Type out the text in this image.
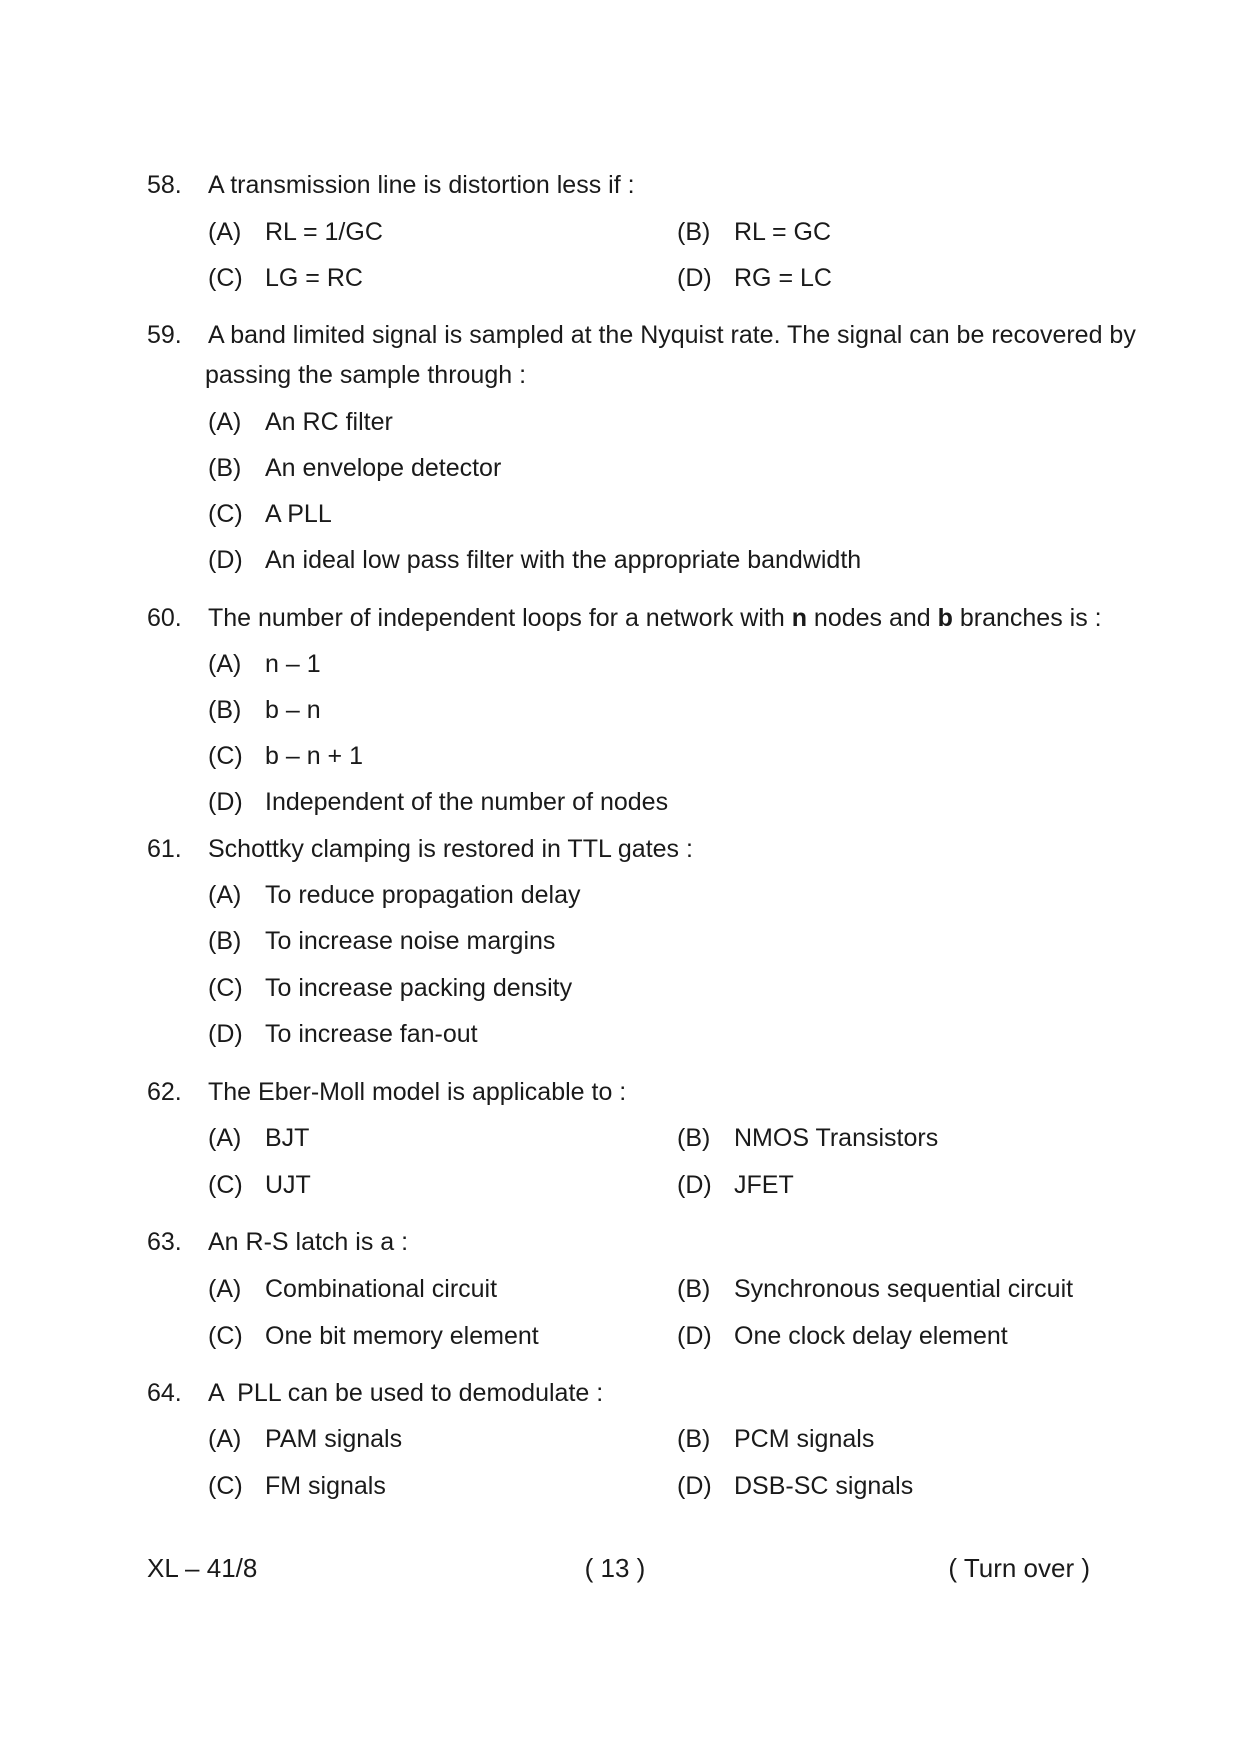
58. A transmission line is distortion less if :
(A) RL = 1/GC	(B) RL = GC
(C) LG = RC	(D) RG = LC
59. A band limited signal is sampled at the Nyquist rate. The signal can be recovered by
passing the sample through :
(A) An RC filter
(B) An envelope detector
(C) A PLL
(D) An ideal low pass filter with the appropriate bandwidth
60. The number of independent loops for a network with n nodes and b branches is :
(A) n – 1
(B) b – n
(C) b – n + 1
(D) Independent of the number of nodes
61. Schottky clamping is restored in TTL gates :
(A) To reduce propagation delay
(B) To increase noise margins
(C) To increase packing density
(D) To increase fan-out
62. The Eber-Moll model is applicable to :
(A) BJT	(B) NMOS Transistors
(C) UJT	(D) JFET
63. An R-S latch is a :
(A) Combinational circuit	(B) Synchronous sequential circuit
(C) One bit memory element	(D) One clock delay element
64. A  PLL can be used to demodulate :
(A) PAM signals	(B) PCM signals
(C) FM signals	(D) DSB-SC signals
XL – 41/8	( 13 )	( Turn over )
